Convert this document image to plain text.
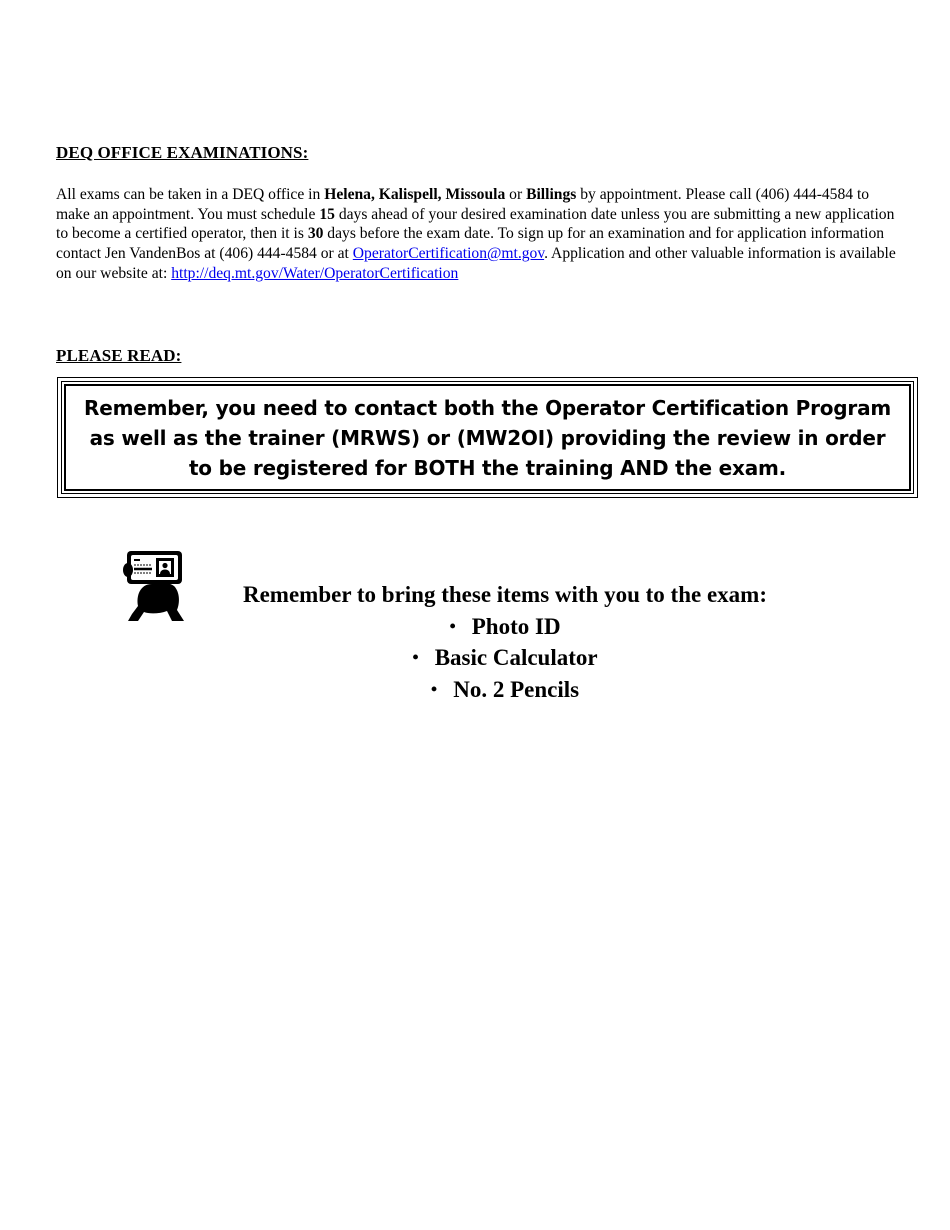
DEQ OFFICE EXAMINATIONS:
All exams can be taken in a DEQ office in Helena, Kalispell, Missoula or Billings by appointment. Please call (406) 444-4584 to make an appointment. You must schedule 15 days ahead of your desired examination date unless you are submitting a new application to become a certified operator, then it is 30 days before the exam date. To sign up for an examination and for application information contact Jen VandenBos at (406) 444-4584 or at OperatorCertification@mt.gov. Application and other valuable information is available on our website at: http://deq.mt.gov/Water/OperatorCertification
PLEASE READ:
Remember, you need to contact both the Operator Certification Program as well as the trainer (MRWS) or (MW2OI) providing the review in order to be registered for BOTH the training AND the exam.
Remember to bring these items with you to the exam:
• Photo ID
• Basic Calculator
• No. 2 Pencils
